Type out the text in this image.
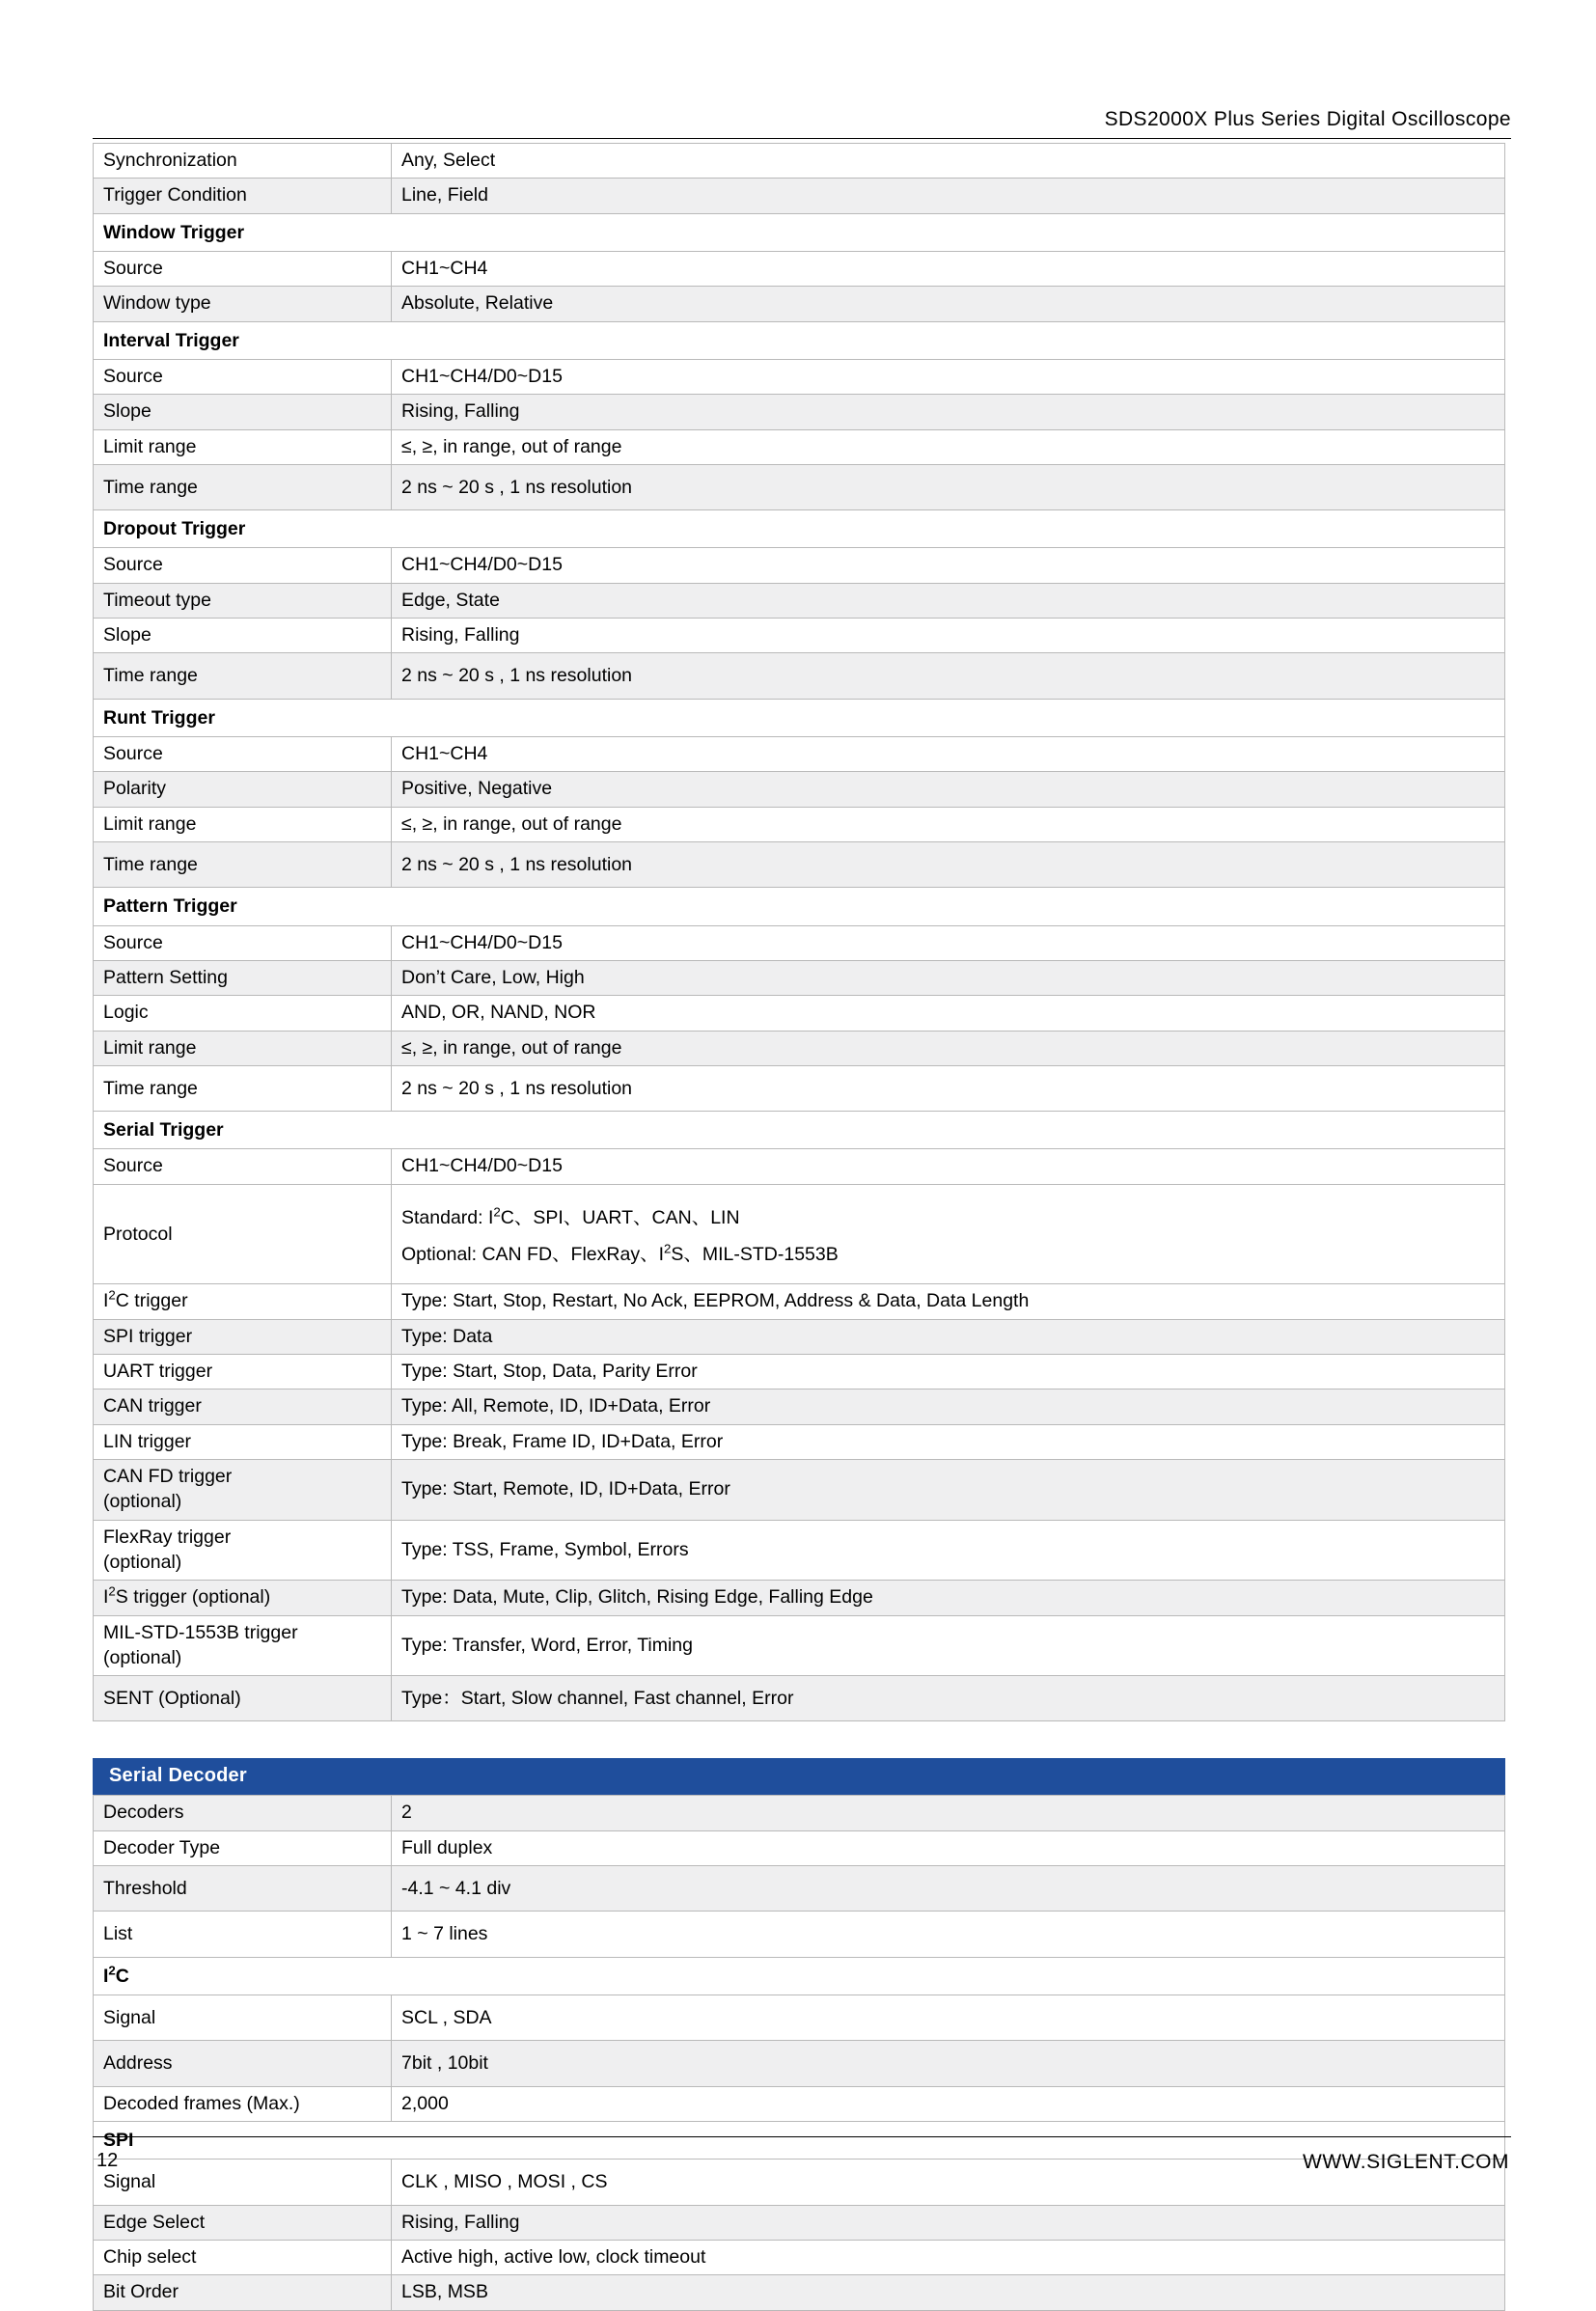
SDS2000X Plus Series Digital Oscilloscope
Synchronization	Any, Select
Trigger Condition	Line, Field
Window Trigger	
Source	CH1~CH4
Window type	Absolute, Relative
Interval Trigger	
Source	CH1~CH4/D0~D15
Slope	Rising, Falling
Limit range	≤, ≥, in range, out of range
Time range	2 ns ~ 20 s , 1 ns resolution
Dropout Trigger	
Source	CH1~CH4/D0~D15
Timeout type	Edge, State
Slope	Rising, Falling
Time range	2 ns ~ 20 s , 1 ns resolution
Runt Trigger	
Source	CH1~CH4
Polarity	Positive, Negative
Limit range	≤, ≥, in range, out of range
Time range	2 ns ~ 20 s , 1 ns resolution
Pattern Trigger	
Source	CH1~CH4/D0~D15
Pattern Setting	Don’t Care, Low, High
Logic	AND, OR, NAND, NOR
Limit range	≤, ≥, in range, out of range
Time range	2 ns ~ 20 s , 1 ns resolution
Serial Trigger	
Source	CH1~CH4/D0~D15
Protocol	Standard: $I^2C$、SPI、UART、CAN、LIN
Optional: CAN FD、FlexRay、$I^2S$、MIL-STD-1553B

$I^2C$ trigger	Type: Start, Stop, Restart, No Ack, EEPROM, Address & Data, Data Length
SPI trigger	Type: Data
UART trigger	Type: Start, Stop, Data, Parity Error
CAN trigger	Type: All, Remote, ID, ID+Data, Error
LIN trigger	Type: Break, Frame ID, ID+Data, Error
CAN FD trigger
(optional)	Type: Start, Remote, ID, ID+Data, Error
FlexRay trigger
(optional)	Type: TSS, Frame, Symbol, Errors
$I^2S$ trigger (optional)	Type: Data, Mute, Clip, Glitch, Rising Edge, Falling Edge
MIL-STD-1553B trigger
(optional)	Type: Transfer, Word, Error, Timing
SENT (Optional)	Type：Start, Slow channel, Fast channel, Error
Serial Decoder
Decoders	2
Decoder Type	Full duplex
Threshold	-4.1 ~ 4.1 div
List	1 ~ 7 lines
$I^2C$	
Signal	SCL , SDA
Address	7bit , 10bit
Decoded frames (Max.)	2,000
SPI	
Signal	CLK , MISO , MOSI , CS
Edge Select	Rising, Falling
Chip select	Active high, active low, clock timeout
Bit Order	LSB, MSB
12	WWW.SIGLENT.COM
